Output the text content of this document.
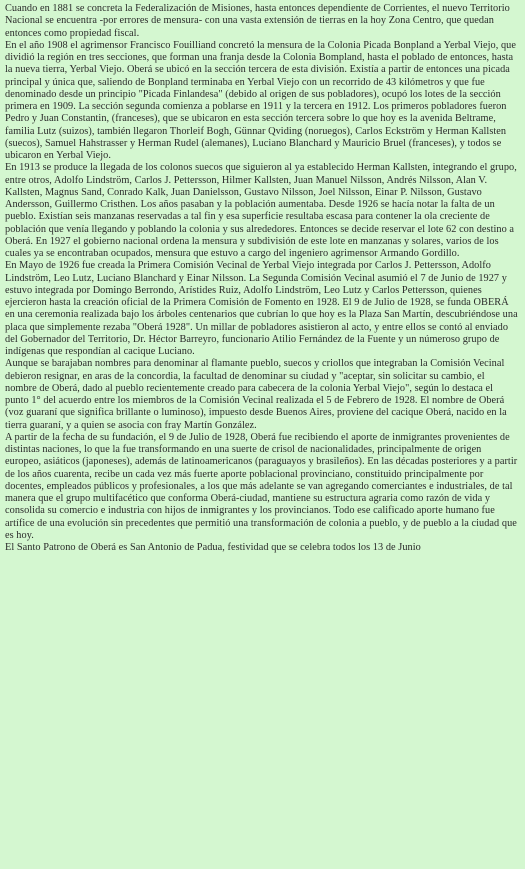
Cuando en 1881 se concreta la Federalización de Misiones, hasta entonces dependiente de Corrientes, el nuevo Territorio Nacional se encuentra -por errores de mensura- con una vasta extensión de tierras en la hoy Zona Centro, que quedan entonces como propiedad fiscal.

En el año 1908 el agrimensor Francisco Fouilliand concretó la mensura de la Colonia Picada Bonpland a Yerbal Viejo, que dividió la región en tres secciones, que forman una franja desde la Colonia Bompland, hasta el poblado de entonces, hasta la nueva tierra, Yerbal Viejo. Oberá se ubicó en la sección tercera de esta división. Existía a partir de entonces una picada principal y única que, saliendo de Bonpland terminaba en Yerbal Viejo con un recorrido de 43 kilómetros y que fue denominado desde un principio "Picada Finlandesa" (debido al origen de sus pobladores), ocupó los lotes de la sección primera en 1909. La sección segunda comienza a poblarse en 1911 y la tercera en 1912. Los primeros pobladores fueron Pedro y Juan Constantin, (franceses), que se ubicaron en esta sección tercera sobre lo que hoy es la avenida Beltrame, familia Lutz (suizos), también llegaron Thorleif Bogh, Günnar Qviding (noruegos), Carlos Eckström y Herman Kallsten (suecos), Samuel Hahstrasser y Herman Rudel (alemanes), Luciano Blanchard y Mauricio Bruel (franceses), y todos se ubicaron en Yerbal Viejo.

En 1913 se produce la llegada de los colonos suecos que siguieron al ya establecido Herman Kallsten, integrando el grupo, entre otros, Adolfo Lindström, Carlos J. Pettersson, Hilmer Kallsten, Juan Manuel Nilsson, Andrés Nilsson, Alan V. Kallsten, Magnus Sand, Conrado Kalk, Juan Danielsson, Gustavo Nilsson, Joel Nilsson, Einar P. Nilsson, Gustavo Andersson, Guillermo Cristhen. Los años pasaban y la población aumentaba. Desde 1926 se hacía notar la falta de un pueblo. Existían seis manzanas reservadas a tal fin y esa superficie resultaba escasa para contener la ola creciente de población que venía llegando y poblando la colonia y sus alrededores. Entonces se decide reservar el lote 62 con destino a Oberá. En 1927 el gobierno nacional ordena la mensura y subdivisión de este lote en manzanas y solares, varios de los cuales ya se encontraban ocupados, mensura que estuvo a cargo del ingeniero agrimensor Armando Gordillo.

En Mayo de 1926 fue creada la Primera Comisión Vecinal de Yerbal Viejo integrada por Carlos J. Pettersson, Adolfo Lindström, Leo Lutz, Luciano Blanchard y Einar Nilsson. La Segunda Comisión Vecinal asumió el 7 de Junio de 1927 y estuvo integrada por Domingo Berrondo, Arístides Ruiz, Adolfo Lindström, Leo Lutz y Carlos Pettersson, quienes ejercieron hasta la creación oficial de la Primera Comisión de Fomento en 1928. El 9 de Julio de 1928, se funda OBERÁ en una ceremonia realizada bajo los árboles centenarios que cubrían lo que hoy es la Plaza San Martín, descubriéndose una placa que simplemente rezaba "Oberá 1928". Un millar de pobladores asistieron al acto, y entre ellos se contó al enviado del Gobernador del Territorio, Dr. Héctor Barreyro, funcionario Atilio Fernández de la Fuente y un númeroso grupo de indígenas que respondían al cacique Luciano.

Aunque se barajaban nombres para denominar al flamante pueblo, suecos y criollos que integraban la Comisión Vecinal debieron resignar, en aras de la concordia, la facultad de denominar su ciudad y "aceptar, sin solicitar su cambio, el nombre de Oberá, dado al pueblo recientemente creado para cabecera de la colonia Yerbal Viejo", según lo destaca el punto 1° del acuerdo entre los miembros de la Comisión Vecinal realizada el 5 de Febrero de 1928. El nombre de Oberá (voz guaraní que significa brillante o luminoso), impuesto desde Buenos Aires, proviene del cacique Oberá, nacido en la tierra guaraní, y a quien se asocia con fray Martín González.

A partir de la fecha de su fundación, el 9 de Julio de 1928, Oberá fue recibiendo el aporte de inmigrantes provenientes de distintas naciones, lo que la fue transformando en una suerte de crisol de nacionalidades, principalmente de origen europeo, asiáticos (japoneses), además de latinoamericanos (paraguayos y brasileños). En las décadas posteriores y a partir de los años cuarenta, recibe un cada vez más fuerte aporte poblacional provinciano, constituido principalmente por docentes, empleados públicos y profesionales, a los que más adelante se van agregando comerciantes e industriales, de tal manera que el grupo multifacético que conforma Oberá-ciudad, mantiene su estructura agraria como razón de vida y consolida su comercio e industria con hijos de inmigrantes y los provincianos. Todo ese calificado aporte humano fue artífice de una evolución sin precedentes que permitió una transformación de colonia a pueblo, y de pueblo a la ciudad que es hoy.

El Santo Patrono de Oberá es San Antonio de Padua, festividad que se celebra todos los 13 de Junio
